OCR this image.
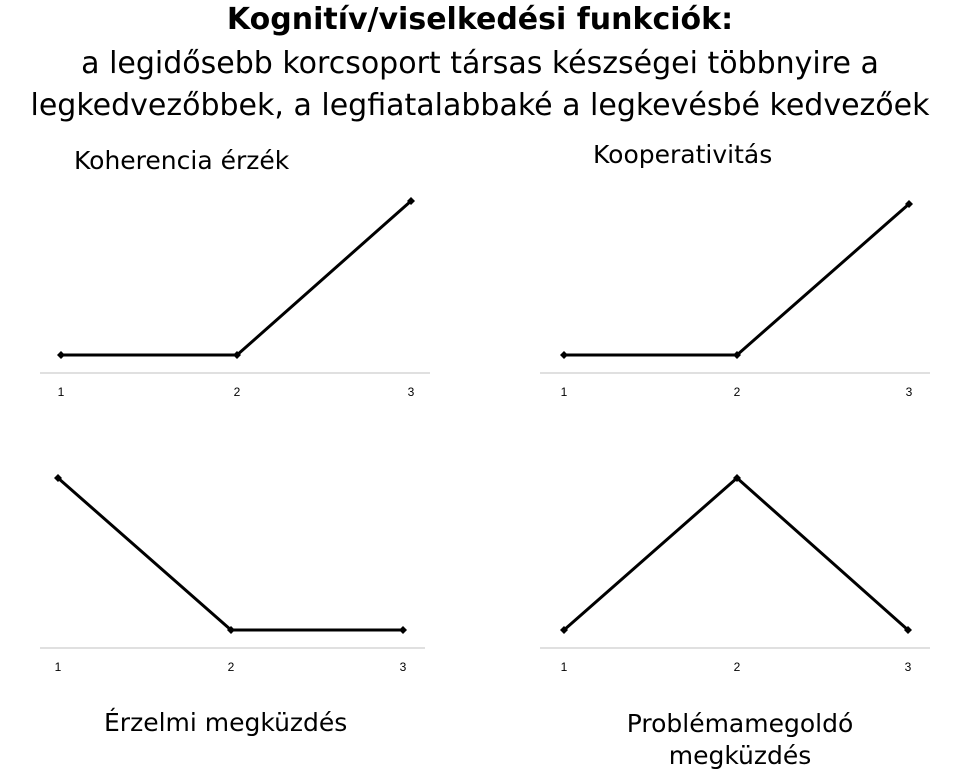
Kognitív/viselkedési funkciók:
a legidősebb korcsoport társas készségei többnyire a
legkedvezőbbek, a legfiatalabbaké a legkevésbé kedvezőek
Koherencia érzék	Kooperativitás
Érzelmi megküzdés	Problémamegoldó megküzdés
1	2	3	1	2	3
1	2	3	1	2	3
